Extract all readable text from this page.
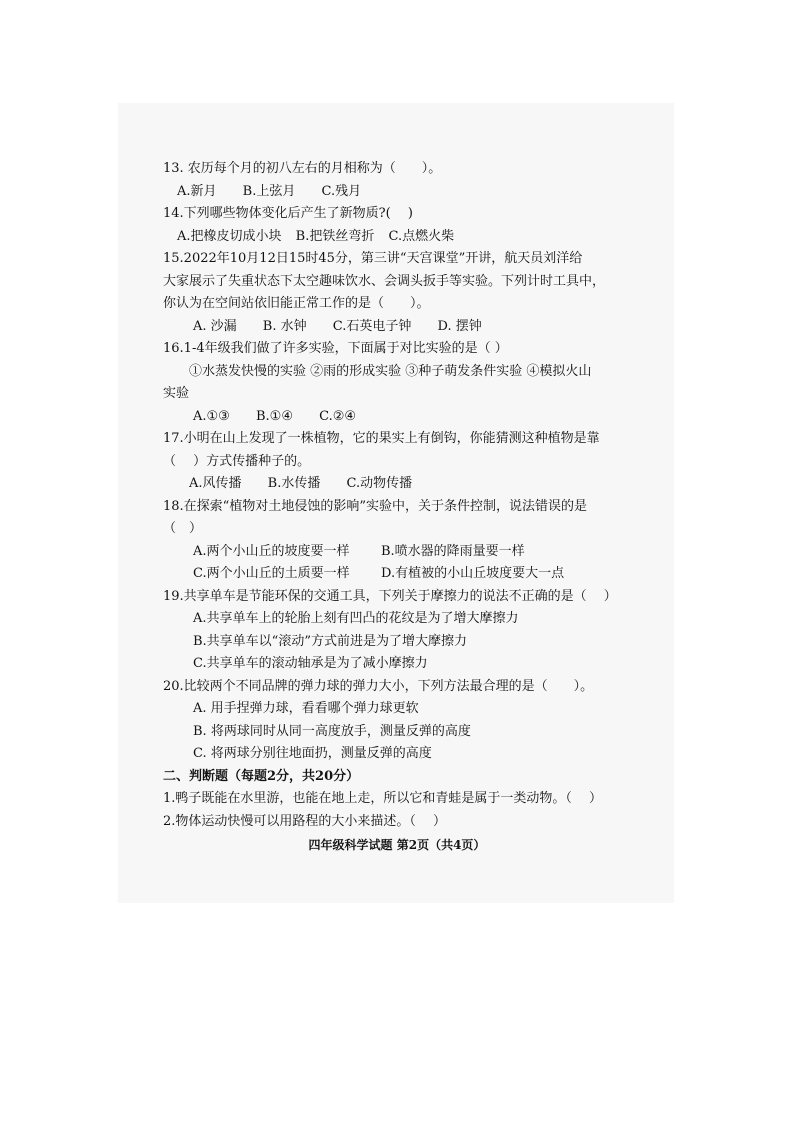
13. 农历每个月的初八左右的月相称为（　　）。
A.新月 B.上弦月 C.残月
14.下列哪些物体变化后产生了新物质?(　 )
A.把橡皮切成小块 B.把铁丝弯折 C.点燃火柴
15.2022年10月12日15时45分，第三讲“天宫课堂”开讲，航天员刘洋给
大家展示了失重状态下太空趣味饮水、会调头扳手等实验。下列计时工具中，
你认为在空间站依旧能正常工作的是（　　）。
A. 沙漏 B. 水钟 C.石英电子钟 D. 摆钟
16.1-4年级我们做了许多实验，下面属于对比实验的是（ ）
①水蒸发快慢的实验 ②雨的形成实验 ③种子萌发条件实验 ④模拟火山
实验
A.①③ B.①④ C.②④
17.小明在山上发现了一株植物，它的果实上有倒钩，你能猜测这种植物是靠
（　 ）方式传播种子的。
A.风传播 B.水传播 C.动物传播
18.在探索“植物对土地侵蚀的影响”实验中，关于条件控制，说法错误的是
（　）
A.两个小山丘的坡度要一样 B.喷水器的降雨量要一样
C.两个小山丘的土质要一样 D.有植被的小山丘坡度要大一点
19.共享单车是节能环保的交通工具，下列关于摩擦力的说法不正确的是（　 ）
A.共享单车上的轮胎上刻有凹凸的花纹是为了增大摩擦力
B.共享单车以“滚动”方式前进是为了增大摩擦力
C.共享单车的滚动轴承是为了减小摩擦力
20.比较两个不同品牌的弹力球的弹力大小，下列方法最合理的是（　　）。
A. 用手捏弹力球，看看哪个弹力球更软
B. 将两球同时从同一高度放手，测量反弹的高度
C. 将两球分别往地面扔，测量反弹的高度
二、判断题（每题2分，共20分）
1.鸭子既能在水里游，也能在地上走，所以它和青蛙是属于一类动物。（　 ）
2.物体运动快慢可以用路程的大小来描述。（　 ）
四年级科学试题 第2页（共4页）
